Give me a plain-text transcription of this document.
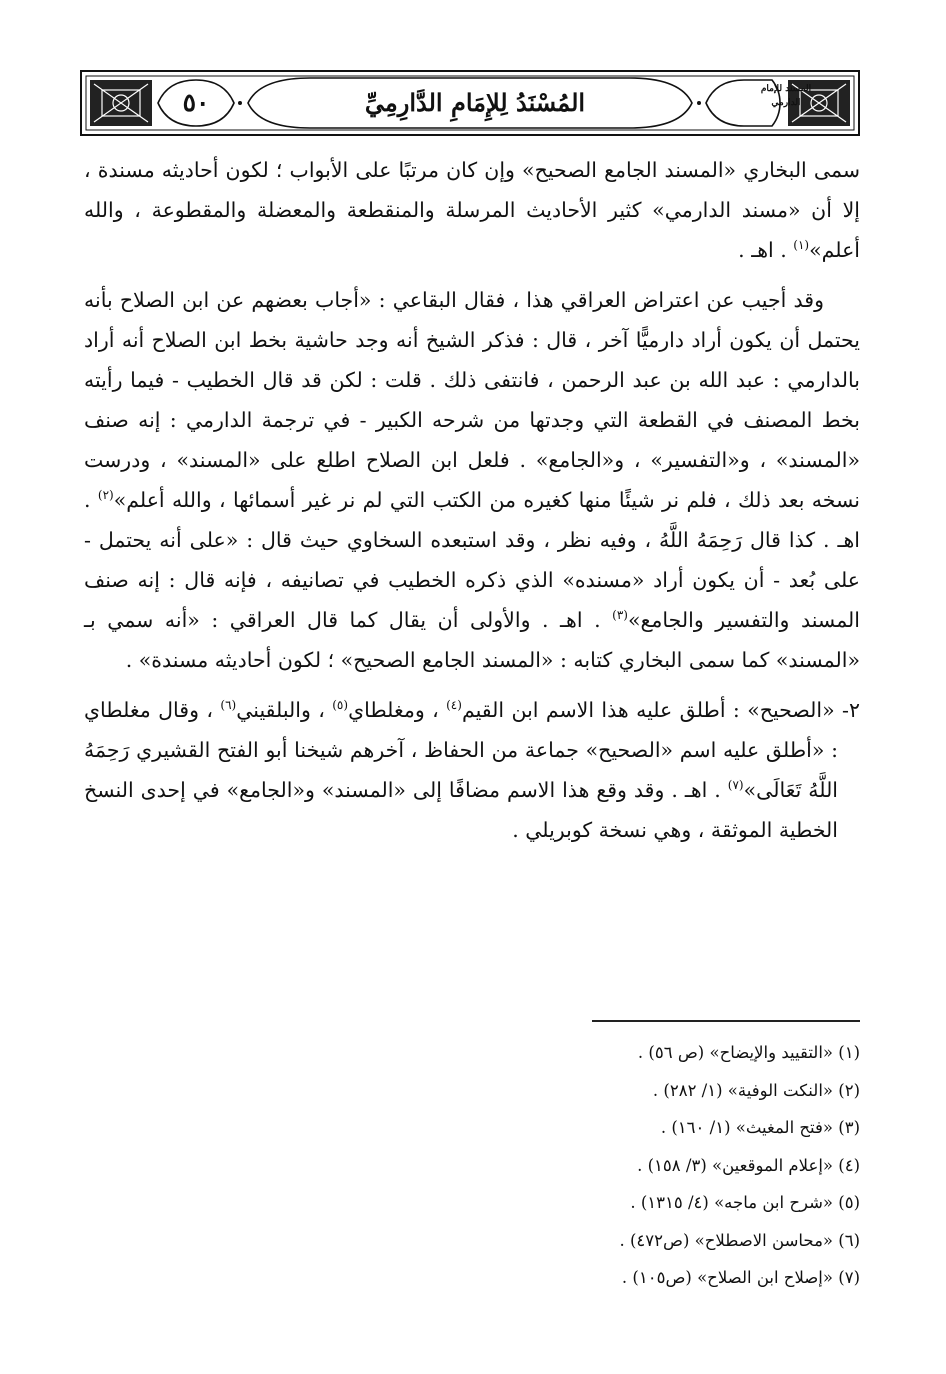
٥٠	المُسْنَدُ لِلإِمَامِ الدَّارِمِيِّ	المسند للإمام الدارمي

سمى البخاري «المسند الجامع الصحيح» وإن كان مرتبًا على الأبواب ؛ لكون أحاديثه مسندة ، إلا أن «مسند الدارمي» كثير الأحاديث المرسلة والمنقطعة والمعضلة والمقطوعة ، والله أعلم»$^{(١)}$ . اهـ .

وقد أجيب عن اعتراض العراقي هذا ، فقال البقاعي : «أجاب بعضهم عن ابن الصلاح بأنه يحتمل أن يكون أراد دارميًّا آخر ، قال : فذكر الشيخ أنه وجد حاشية بخط ابن الصلاح أنه أراد بالدارمي : عبد الله بن عبد الرحمن ، فانتفى ذلك . قلت : لكن قد قال الخطيب - فيما رأيته بخط المصنف في القطعة التي وجدتها من شرحه الكبير - في ترجمة الدارمي : إنه صنف «المسند» ، و«التفسير» ، و«الجامع» . فلعل ابن الصلاح اطلع على «المسند» ، ودرست نسخه بعد ذلك ، فلم نر شيئًا منها كغيره من الكتب التي لم نر غير أسمائها ، والله أعلم»$^{(٢)}$ . اهـ . كذا قال رَحِمَهُ اللَّهُ ، وفيه نظر ، وقد استبعده السخاوي حيث قال : «على أنه يحتمل - على بُعد - أن يكون أراد «مسنده» الذي ذكره الخطيب في تصانيفه ، فإنه قال : إنه صنف المسند والتفسير والجامع»$^{(٣)}$ . اهـ . والأولى أن يقال كما قال العراقي : «أنه سمي بـ «المسند» كما سمى البخاري كتابه : «المسند الجامع الصحيح» ؛ لكون أحاديثه مسندة» .

٢- «الصحيح» : أطلق عليه هذا الاسم ابن القيم$^{(٤)}$ ، ومغلطاي$^{(٥)}$ ، والبلقيني$^{(٦)}$ ، وقال مغلطاي : «أطلق عليه اسم «الصحيح» جماعة من الحفاظ ، آخرهم شيخنا أبو الفتح القشيري رَحِمَهُ اللَّهُ تَعَالَى»$^{(٧)}$ . اهـ . وقد وقع هذا الاسم مضافًا إلى «المسند» و«الجامع» في إحدى النسخ الخطية الموثقة ، وهي نسخة كوبريلي .

(١) «التقييد والإيضاح» (ص ٥٦) .
(٢) «النكت الوفية» (١/ ٢٨٢) .
(٣) «فتح المغيث» (١/ ١٦٠) .
(٤) «إعلام الموقعين» (٣/ ١٥٨) .
(٥) «شرح ابن ماجه» (٤/ ١٣١٥) .
(٦) «محاسن الاصطلاح» (ص٤٧٢) .
(٧) «إصلاح ابن الصلاح» (ص١٠٥) .
